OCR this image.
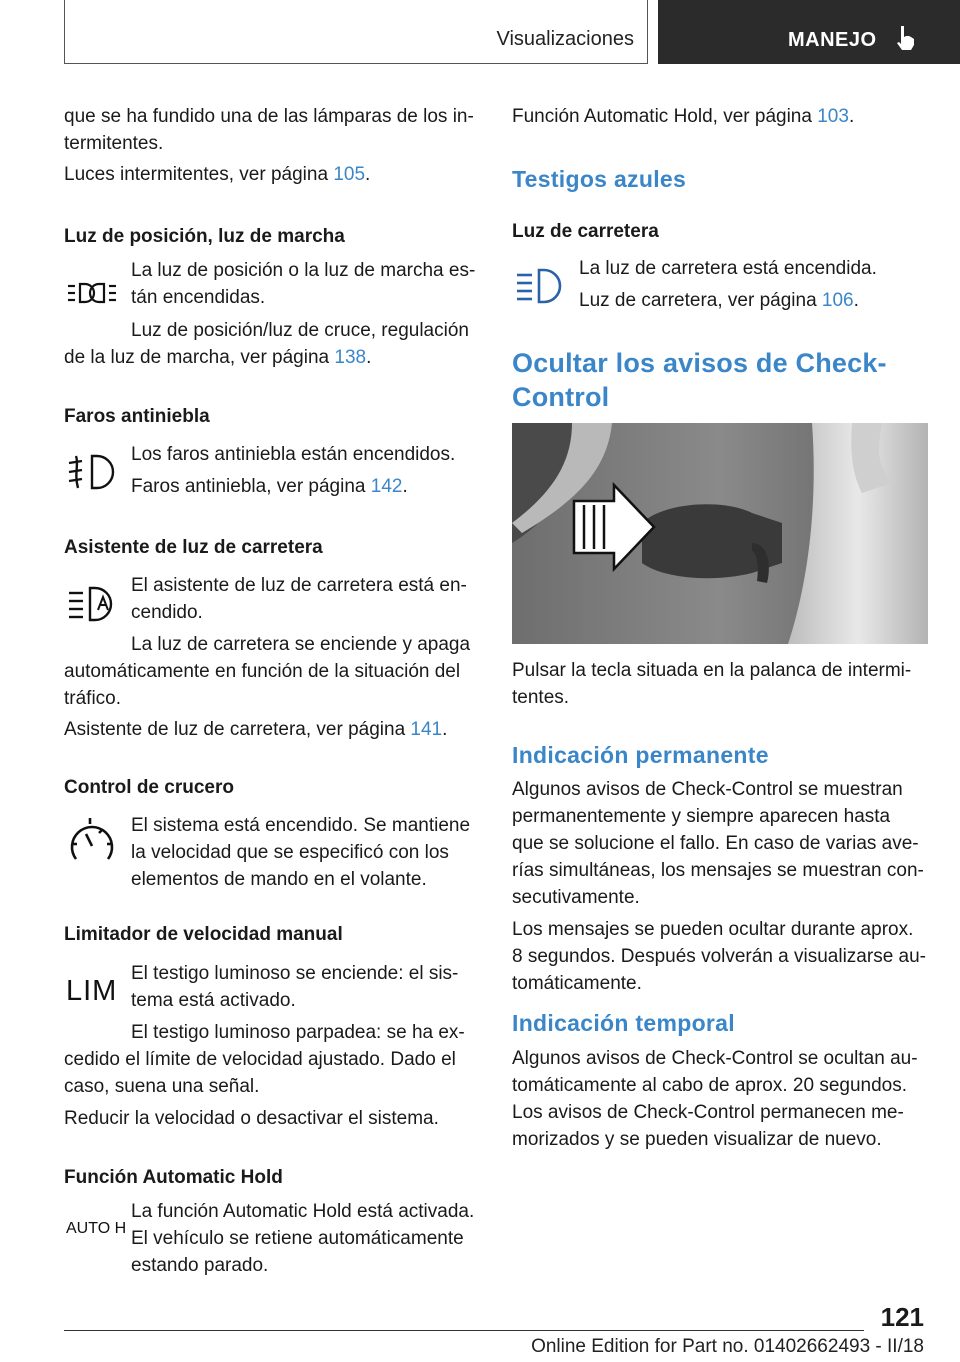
Visualizaciones	MANEJO
que se ha fundido una de las lámparas de los in-
termitentes.
Luces intermitentes, ver página 105.
Luz de posición, luz de marcha
La luz de posición o la luz de marcha es-
tán encendidas.
Luz de posición/luz de cruce, regulación
de la luz de marcha, ver página 138.
Faros antiniebla
Los faros antiniebla están encendidos.
Faros antiniebla, ver página 142.
Asistente de luz de carretera
El asistente de luz de carretera está en-
cendido.
La luz de carretera se enciende y apaga
automáticamente en función de la situación del
tráfico.
Asistente de luz de carretera, ver página 141.
Control de crucero
El sistema está encendido. Se mantiene
la velocidad que se especificó con los
elementos de mando en el volante.
Limitador de velocidad manual
LIM
El testigo luminoso se enciende: el sis-
tema está activado.
El testigo luminoso parpadea: se ha ex-
cedido el límite de velocidad ajustado. Dado el
caso, suena una señal.
Reducir la velocidad o desactivar el sistema.
Función Automatic Hold
AUTO H
La función Automatic Hold está activada.
El vehículo se retiene automáticamente
estando parado.
Función Automatic Hold, ver página 103.
Testigos azules
Luz de carretera
La luz de carretera está encendida.
Luz de carretera, ver página 106.
Ocultar los avisos de Check-
Control
Pulsar la tecla situada en la palanca de intermi-
tentes.
Indicación permanente
Algunos avisos de Check-Control se muestran
permanentemente y siempre aparecen hasta
que se solucione el fallo. En caso de varias ave-
rías simultáneas, los mensajes se muestran con-
secutivamente.
Los mensajes se pueden ocultar durante aprox.
8 segundos. Después volverán a visualizarse au-
tomáticamente.
Indicación temporal
Algunos avisos de Check-Control se ocultan au-
tomáticamente al cabo de aprox. 20 segundos.
Los avisos de Check-Control permanecen me-
morizados y se pueden visualizar de nuevo.
121
Online Edition for Part no. 01402662493 - II/18
